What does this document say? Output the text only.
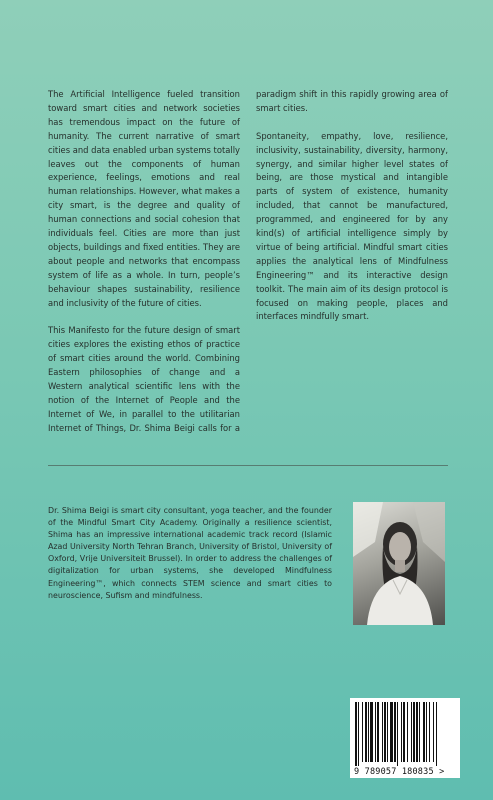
The Artificial Intelligence fueled transition toward smart cities and network societies has tremendous impact on the future of humanity. The current narrative of smart cities and data enabled urban systems totally leaves out the components of human experience, feelings, emotions and real human relationships. However, what makes a city smart, is the degree and quality of human connections and social cohesion that individuals feel. Cities are more than just objects, buildings and fixed entities. They are about people and networks that encompass system of life as a whole. In turn, people’s behaviour shapes sustainability, resilience and inclusivity of the future of cities.

This Manifesto for the future design of smart cities explores the existing ethos of practice of smart cities around the world. Combining Eastern philosophies of change and a Western analytical scientific lens with the notion of the Internet of People and the Internet of We, in parallel to the utilitarian Internet of Things, Dr. Shima Beigi calls for a paradigm shift in this rapidly growing area of smart cities.

Spontaneity, empathy, love, resilience, inclusivity, sustainability, diversity, harmony, synergy, and similar higher level states of being, are those mystical and intangible parts of system of existence, humanity included, that cannot be manufactured, programmed, and engineered for by any kind(s) of artificial intelligence simply by virtue of being artificial. Mindful smart cities applies the analytical lens of Mindfulness Engineering™ and its interactive design toolkit. The main aim of its design protocol is focused on making people, places and interfaces mindfully smart.

Dr. Shima Beigi is smart city consultant, yoga teacher, and the founder of the Mindful Smart City Academy. Originally a resilience scientist, Shima has an impressive international academic track record (Islamic Azad University North Tehran Branch, University of Bristol, University of Oxford, Vrije Universiteit Brussel). In order to address the challenges of digitalization for urban systems, she developed Mindfulness Engineering™, which connects STEM science and smart cities to neuroscience, Sufism and mindfulness.

9 789057 180835 >
